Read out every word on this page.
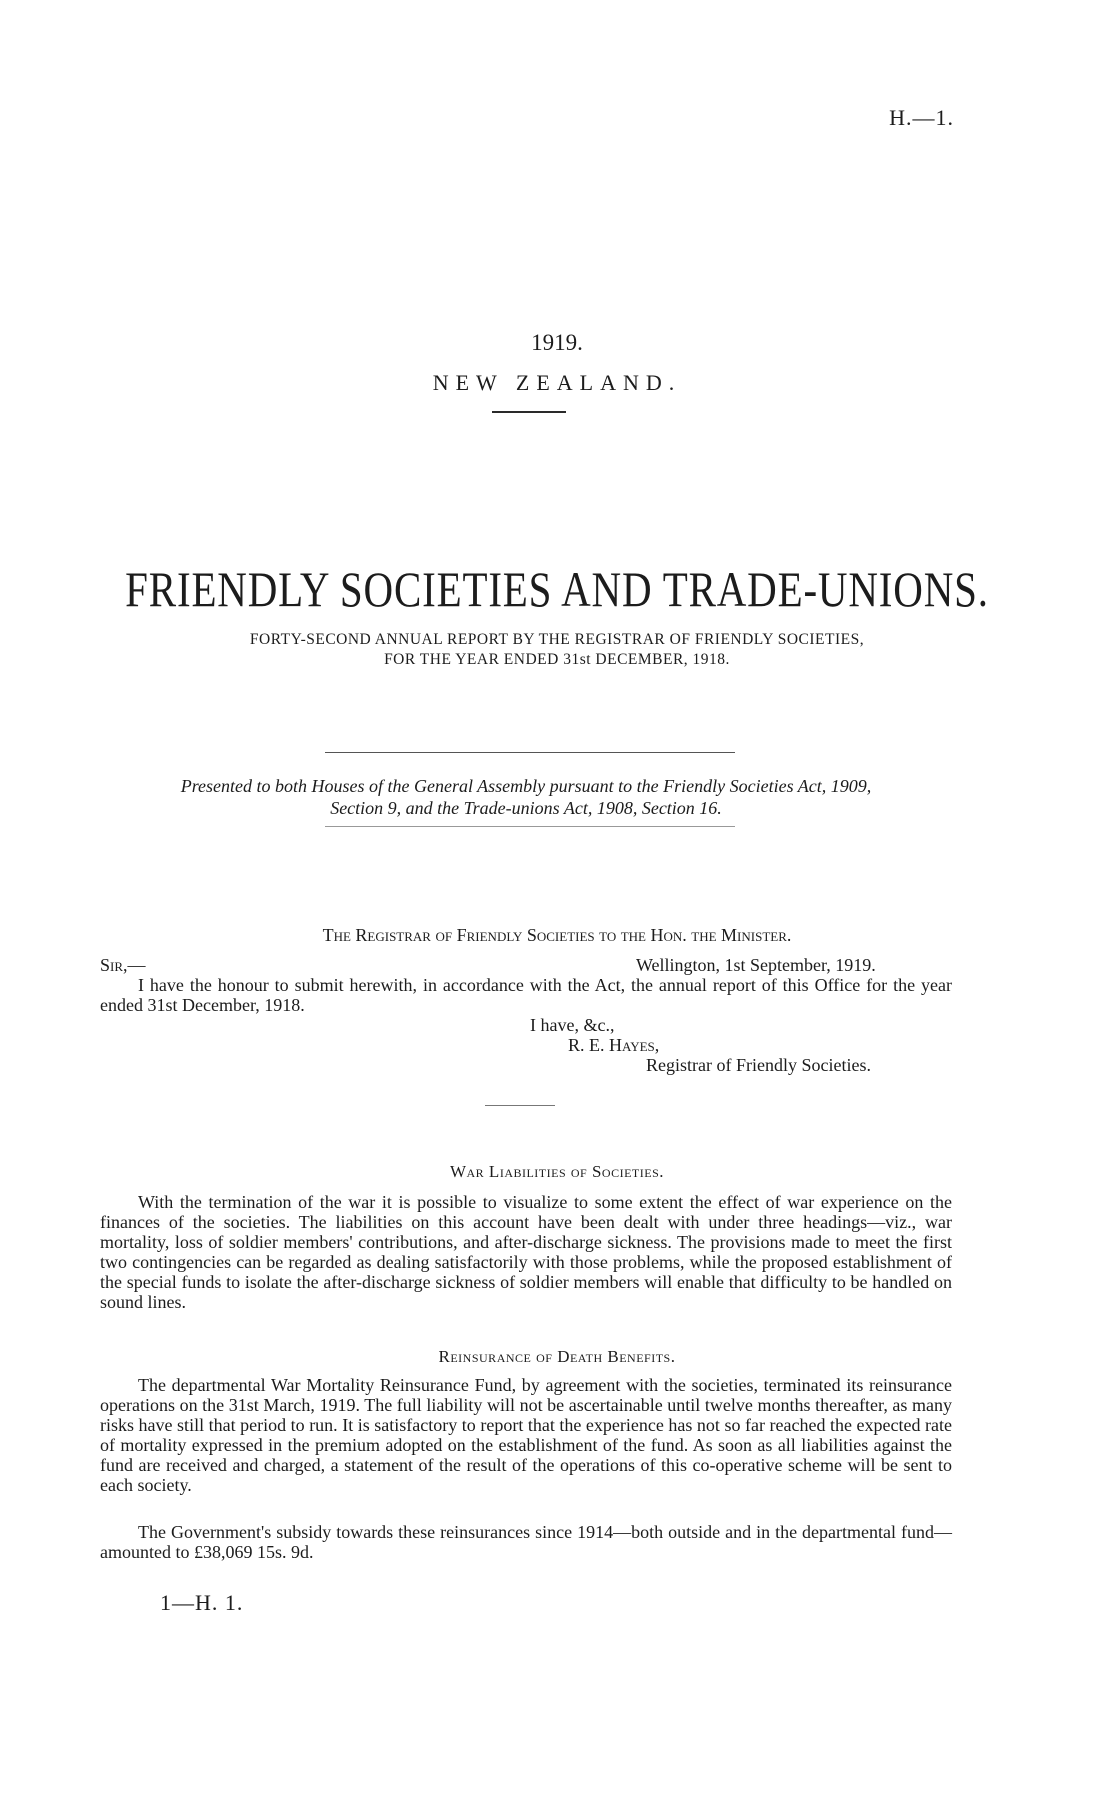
H.—1.
1919.
NEW ZEALAND.
FRIENDLY SOCIETIES AND TRADE-UNIONS.
FORTY-SECOND ANNUAL REPORT BY THE REGISTRAR OF FRIENDLY SOCIETIES,
FOR THE YEAR ENDED 31st DECEMBER, 1918.
Presented to both Houses of the General Assembly pursuant to the Friendly Societies Act, 1909,
Section 9, and the Trade-unions Act, 1908, Section 16.
The Registrar of Friendly Societies to the Hon. the Minister.
Sir,—	Wellington, 1st September, 1919.
I have the honour to submit herewith, in accordance with the Act, the annual report of this Office for the year ended 31st December, 1918.
I have, &c.,
R. E. Hayes,
Registrar of Friendly Societies.
War Liabilities of Societies.
With the termination of the war it is possible to visualize to some extent the effect of war experience on the finances of the societies. The liabilities on this account have been dealt with under three headings—viz., war mortality, loss of soldier members' contributions, and after-discharge sickness. The provisions made to meet the first two contingencies can be regarded as dealing satisfactorily with those problems, while the proposed establishment of the special funds to isolate the after-discharge sickness of soldier members will enable that difficulty to be handled on sound lines.
Reinsurance of Death Benefits.
The departmental War Mortality Reinsurance Fund, by agreement with the societies, terminated its reinsurance operations on the 31st March, 1919. The full liability will not be ascertainable until twelve months thereafter, as many risks have still that period to run. It is satisfactory to report that the experience has not so far reached the expected rate of mortality expressed in the premium adopted on the establishment of the fund. As soon as all liabilities against the fund are received and charged, a statement of the result of the operations of this co-operative scheme will be sent to each society.
The Government's subsidy towards these reinsurances since 1914—both outside and in the departmental fund—amounted to £38,069 15s. 9d.
1—H. 1.
